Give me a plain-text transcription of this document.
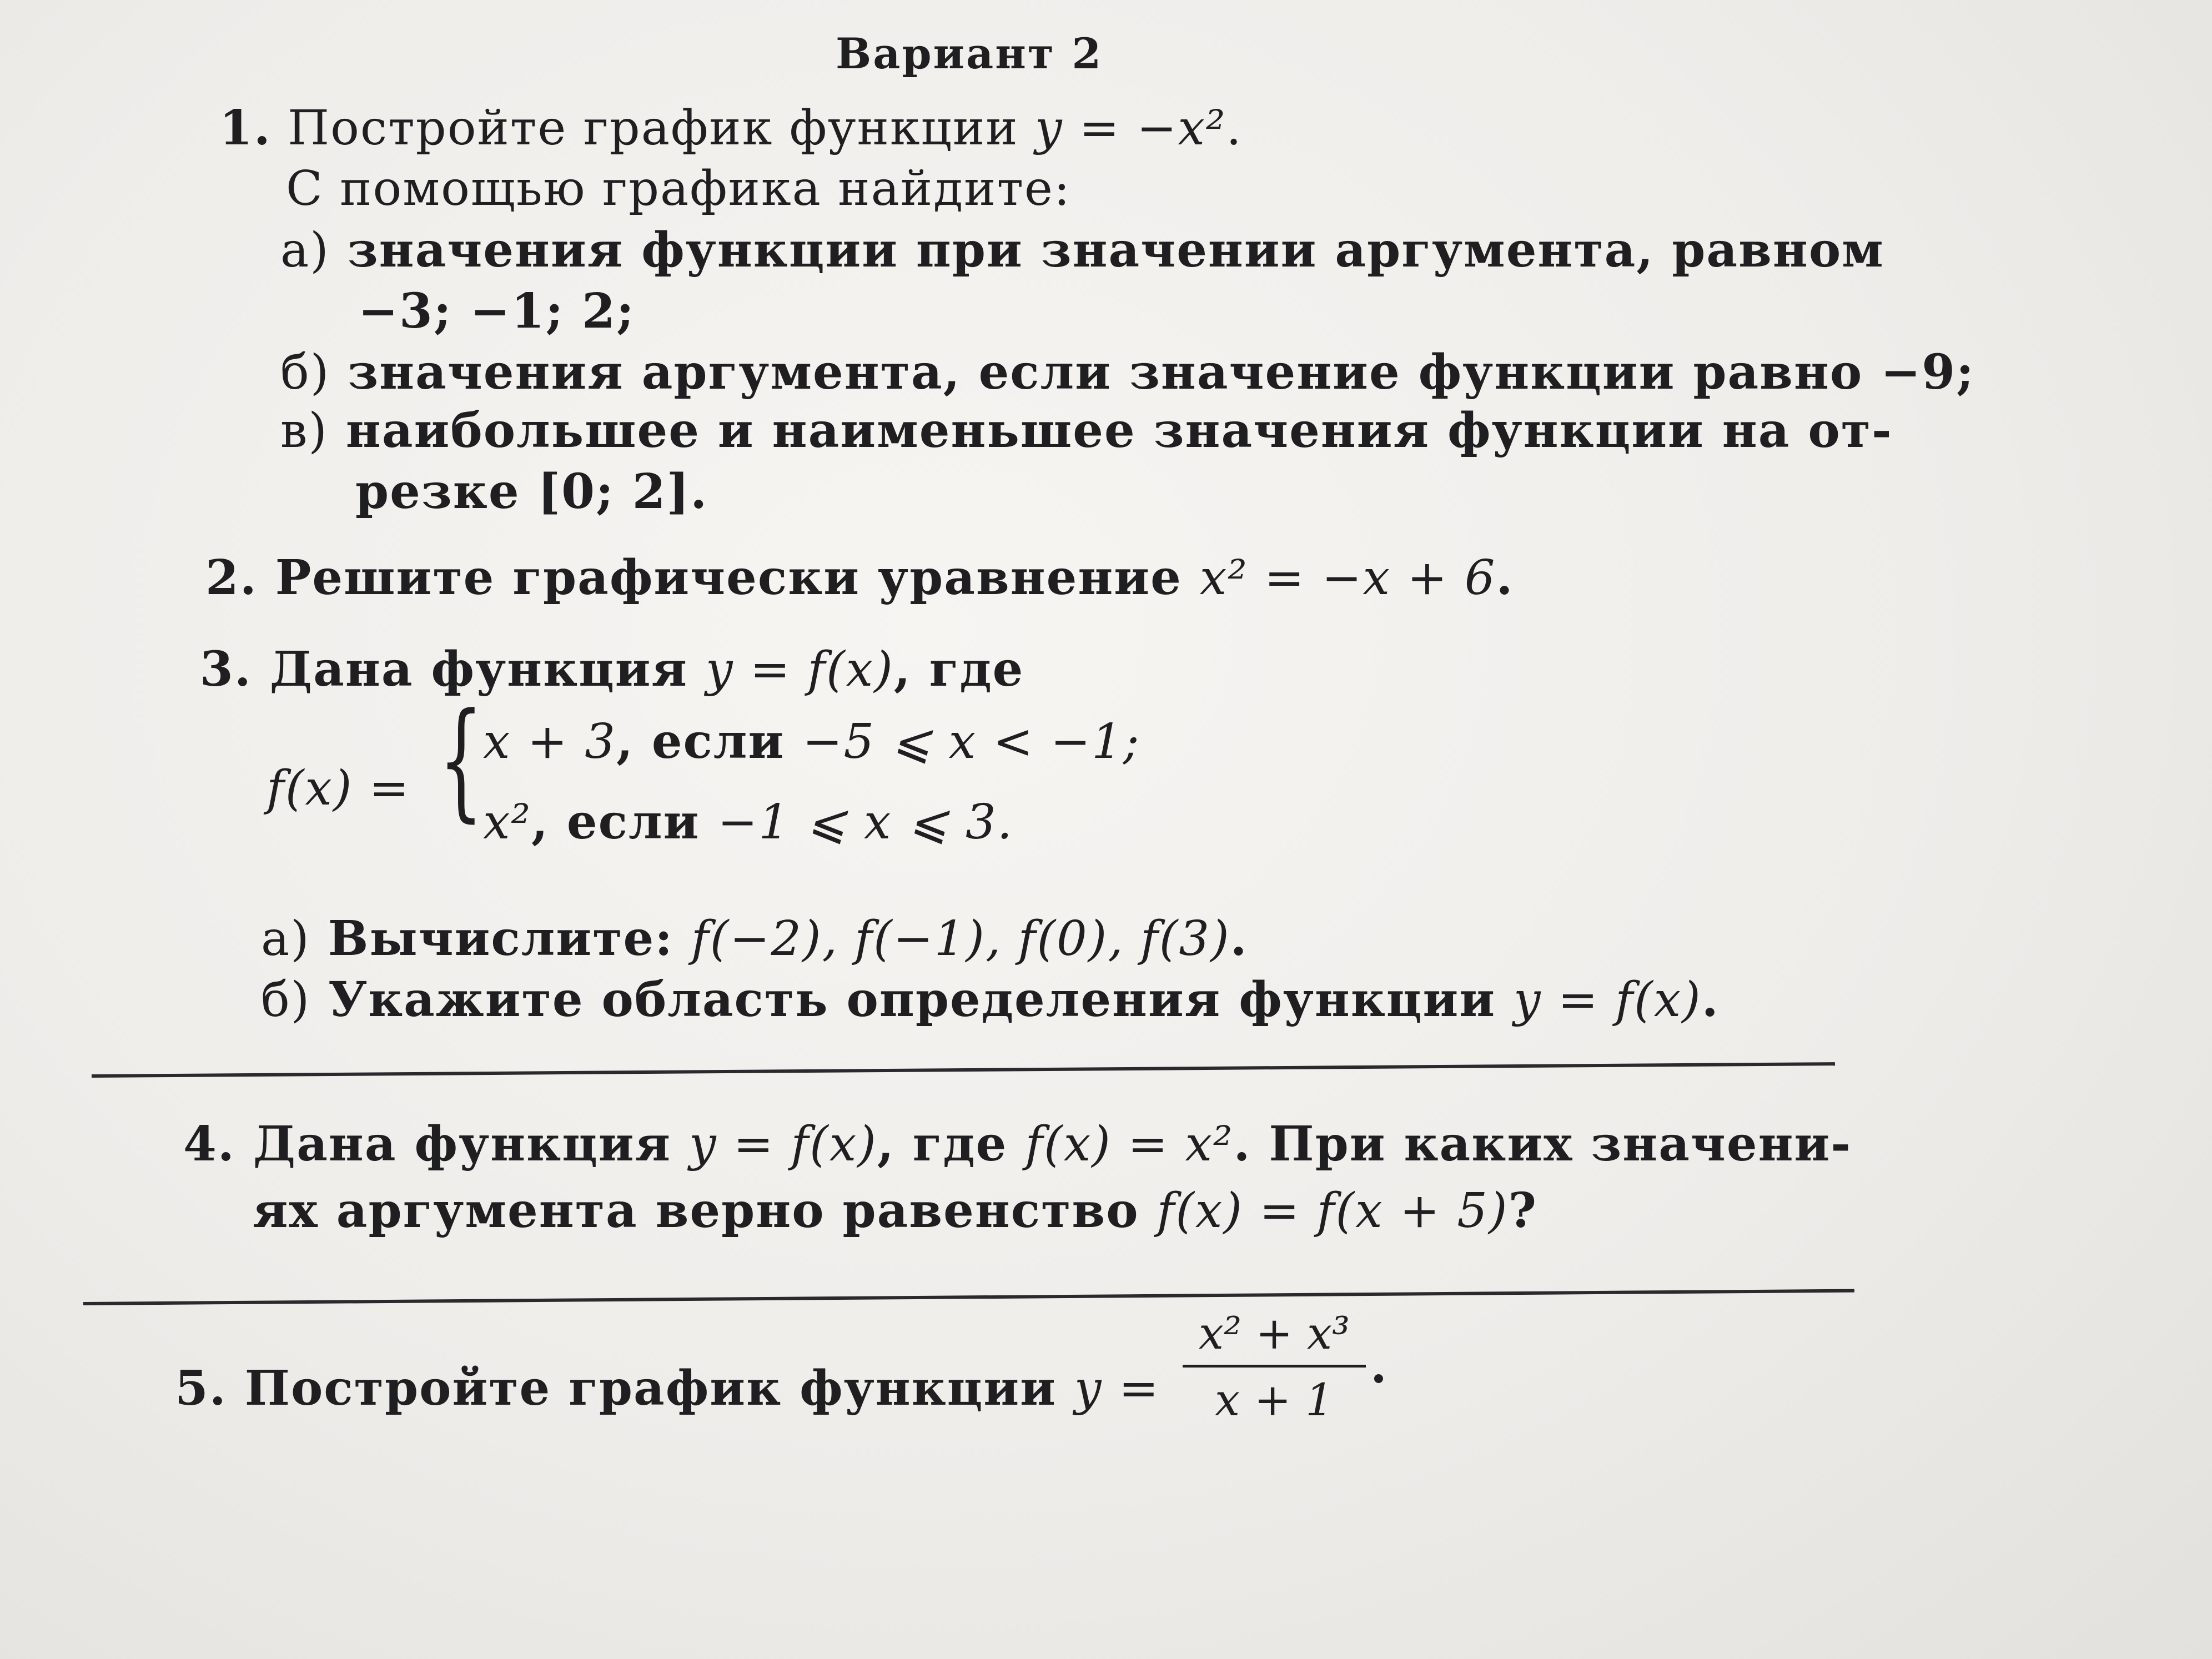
Вариант 2
1. Постройте график функции y = −x².
С помощью графика найдите:
а) значения функции при значении аргумента, равном
−3; −1; 2;
б) значения аргумента, если значение функции равно −9;
в) наибольшее и наименьшее значения функции на от-
резке [0; 2].
2. Решите графически уравнение x² = −x + 6.
3. Дана функция y = f(x), где
f(x) = { x + 3, если −5 ⩽ x < −1;
x², если −1 ⩽ x ⩽ 3.
а) Вычислите: f(−2), f(−1), f(0), f(3).
б) Укажите область определения функции y = f(x).
4. Дана функция y = f(x), где f(x) = x². При каких значени-
ях аргумента верно равенство f(x) = f(x + 5)?
5. Постройте график функции y =
x² + x³
x + 1
.
